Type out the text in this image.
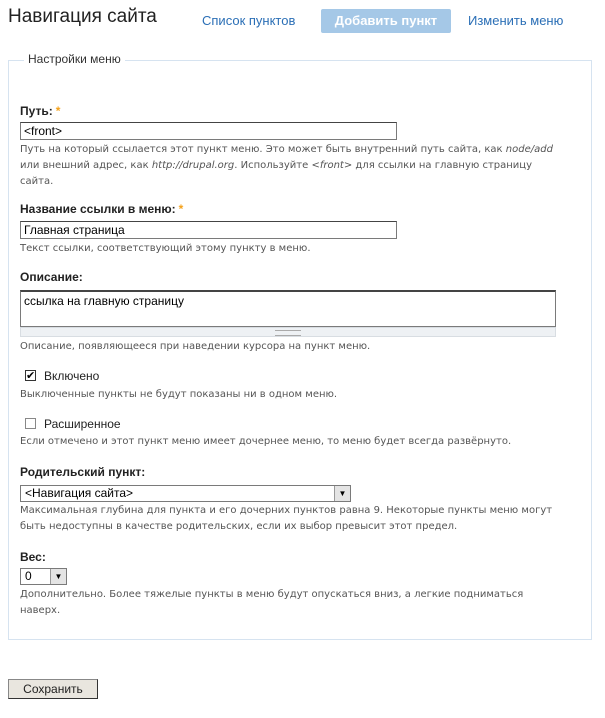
Навигация сайта	Список пунктов	Добавить пункт	Изменить меню
Настройки меню
Путь: *
<front>
Путь на который ссылается этот пункт меню. Это может быть внутренний путь сайта, как node/add или внешний адрес, как http://drupal.org. Используйте <front> для ссылки на главную страницу сайта.
Название ссылки в меню: *
Главная страница
Текст ссылки, соответствующий этому пункту в меню.
Описание:
ссылка на главную страницу
Описание, появляющееся при наведении курсора на пункт меню.
✔ Включено
Выключенные пункты не будут показаны ни в одном меню.
Расширенное
Если отмечено и этот пункт меню имеет дочернее меню, то меню будет всегда развёрнуто.
Родительский пункт:
<Навигация сайта>	▼
Максимальная глубина для пункта и его дочерних пунктов равна 9. Некоторые пункты меню могут быть недоступны в качестве родительских, если их выбор превысит этот предел.
Вес:
0	▼
Дополнительно. Более тяжелые пункты в меню будут опускаться вниз, а легкие подниматься наверх.
Сохранить
